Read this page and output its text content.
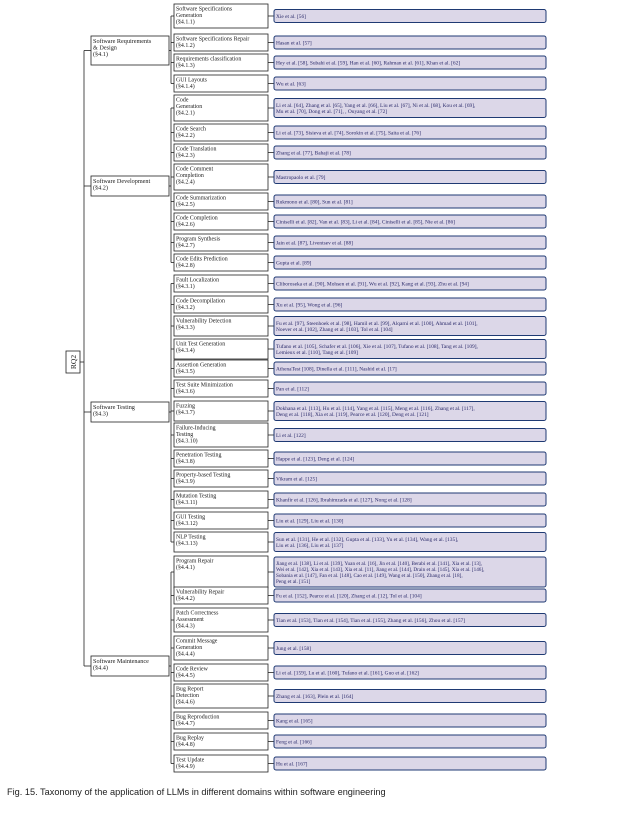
RQ2
Software Requirements
& Design
(§4.1)
Software Development
(§4.2)
Software Testing
(§4.3)
Software Maintenance
(§4.4)
Software Specifications
Generation
(§4.1.1)
Xie et al. [56]
Software Specifications Repair
(§4.1.2)	Hasan et al. [57]
Requirements classification
(§4.1.3)	Hey et al. [58], Subahi et al. [59], Han et al. [60], Rahman et al. [61], Khan et al. [62]
GUI Layouts
(§4.1.4)	Wu et al. [63]
Code
Generation
(§4.2.1)
Li et al. [64], Zhang et al. [65], Yang et al. [66], Liu et al. [67], Ni et al. [68], Kou et al. [69],
Mu et al. [70], Dong et al. [71], , Ouyang et al. [72]
Code Search
(§4.2.2)	Li et al. [73], Sisieva et al. [74], Sorokin et al. [75], Saita et al. [76]
Code Translation
(§4.2.3)	Zhang et al. [77], Bahaji et al. [78]
Code Comment
Completion
(§4.2.4)
Mastropaolo et al. [79]
Code Summarization
(§4.2.5)	Rukmono et al. [80], Sun et al. [81]
Code Completion
(§4.2.6)	Ciniselli et al. [82], Van et al. [83], Li et al. [84], Ciniselli et al. [85], Nie et al. [86]
Program Synthesis
(§4.2.7)	Jain et al. [87], Liventsev et al. [88]
Code Edits Prediction
(§4.2.8)	Gupta et al. [89]
Fault Localization
(§4.3.1)	Cliboroseka et al. [90], Mohsen et al. [91], Wu et al. [92], Kang et al. [93], Zhu et al. [94]
Code Decompilation
(§4.3.2)	Xu et al. [95], Wong et al. [96]
Vulnerability Detection
(§4.3.3)
Fu et al. [97], Steenhoek et al. [98], Hamil et al. [99], Alqarni et al. [100], Ahmad et al. [101],
Noever et al. [102], Zhang et al. [103], Tol et al. [104]
Unit Test Generation
(§4.3.4)
Tufano et al. [105], Schafer et al. [106], Xie et al. [107], Tufano et al. [108], Tang et al. [109],
Lemieux et al. [110], Tang et al. [109]
Assertion Generation
(§4.3.5)	AthenaTest [108], Dinella et al. [111], Nashid et al. [17]
Test Suite Minimization
(§4.3.6)	Pan et al. [112]
Fuzzing
(§4.3.7)
Dokhana et al. [113], Hu et al. [114], Yang et al. [115], Meng et al. [116], Zhang et al. [117],
Deng et al. [118], Xia et al. [119], Pearce et al. [120], Deng et al. [121]
Failure-Inducing
Testing
(§4.3.10)
Li et al. [122]
Penetration Testing
(§4.3.8)	Happe et al. [123], Deng et al. [124]
Property-based Testing
(§4.3.9)	Vikram et al. [125]
Mutation Testing
(§4.3.11)	Khanfir et al. [126], Ibrahimzada et al. [127], Nong et al. [128]
GUI Testing
(§4.3.12)	Liu et al. [129], Liu et al. [130]
NLP Testing
(§4.3.13)
Sun et al. [131], He et al. [132], Gupta et al. [133], Yu et al. [134], Wang et al. [135],
Liu et al. [136], Liu et al. [137]
Program Repair
(§4.4.1)
Jiang et al. [138], Li et al. [139], Yuan et al. [16], Jin et al. [140], Berabi et al. [141], Xia et al. [13],
Wei et al. [142], Xia et al. [143], Xia et al. [11], Jiang et al. [144], Drain et al. [145], Xia et al. [146],
Sobania et al. [147], Fan et al. [148], Cao et al. [149], Wang et al. [150], Zhang et al. [18],
Peng et al. [151]
Vulnerability Repair
(§4.4.2)	Fu et al. [152], Pearce et al. [120], Zhang et al. [12], Tol et al. [104]
Patch Correctness
Assessment
(§4.4.3)
Tian et al. [153], Tian et al. [154], Tian et al. [155], Zhang et al. [156], Zhou et al. [157]
Commit Message
Generation
(§4.4.4)
Jung et al. [158]
Code Review
(§4.4.5)	Li et al. [159], Lu et al. [160], Tufano et al. [161], Guo et al. [162]
Bug Report
Detection
(§4.4.6)
Zhang et al. [163], Plein et al. [164]
Bug Reproduction
(§4.4.7)	Kang et al. [165]
Bug Replay
(§4.4.8)	Feng et al. [166]
Test Update
(§4.4.9)	Hu et al. [167]
Fig. 15. Taxonomy of the application of LLMs in different domains within software engineering
